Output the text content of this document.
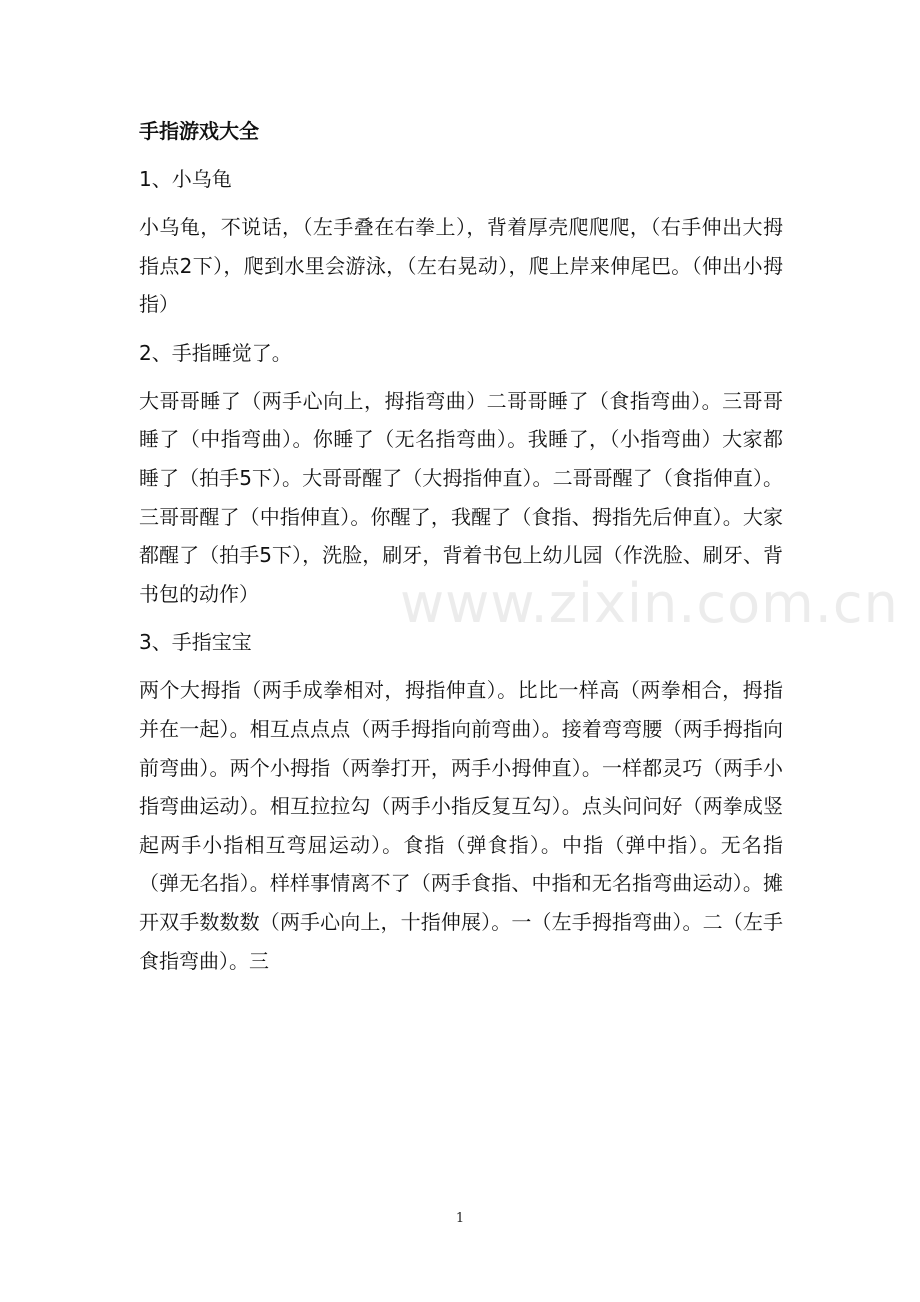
www.zixin.com.cn
手指游戏大全
1、小乌龟
小乌龟，不说话，（左手叠在右拳上），背着厚壳爬爬爬，（右手伸出大拇指点2下），爬到水里会游泳，（左右晃动），爬上岸来伸尾巴。（伸出小拇指）
2、手指睡觉了。
大哥哥睡了（两手心向上，拇指弯曲）二哥哥睡了（食指弯曲）。三哥哥睡了（中指弯曲）。你睡了（无名指弯曲）。我睡了，（小指弯曲）大家都睡了（拍手5下）。大哥哥醒了（大拇指伸直）。二哥哥醒了（食指伸直）。三哥哥醒了（中指伸直）。你醒了，我醒了（食指、拇指先后伸直）。大家都醒了（拍手5下），洗脸，刷牙，背着书包上幼儿园（作洗脸、刷牙、背书包的动作）
3、手指宝宝
两个大拇指（两手成拳相对，拇指伸直）。比比一样高（两拳相合，拇指并在一起）。相互点点点（两手拇指向前弯曲）。接着弯弯腰（两手拇指向前弯曲）。两个小拇指（两拳打开，两手小拇伸直）。一样都灵巧（两手小指弯曲运动）。相互拉拉勾（两手小指反复互勾）。点头问问好（两拳成竖起两手小指相互弯屈运动）。食指（弹食指）。中指（弹中指）。无名指（弹无名指）。样样事情离不了（两手食指、中指和无名指弯曲运动）。摊开双手数数数（两手心向上，十指伸展）。一（左手拇指弯曲）。二（左手食指弯曲）。三
1
